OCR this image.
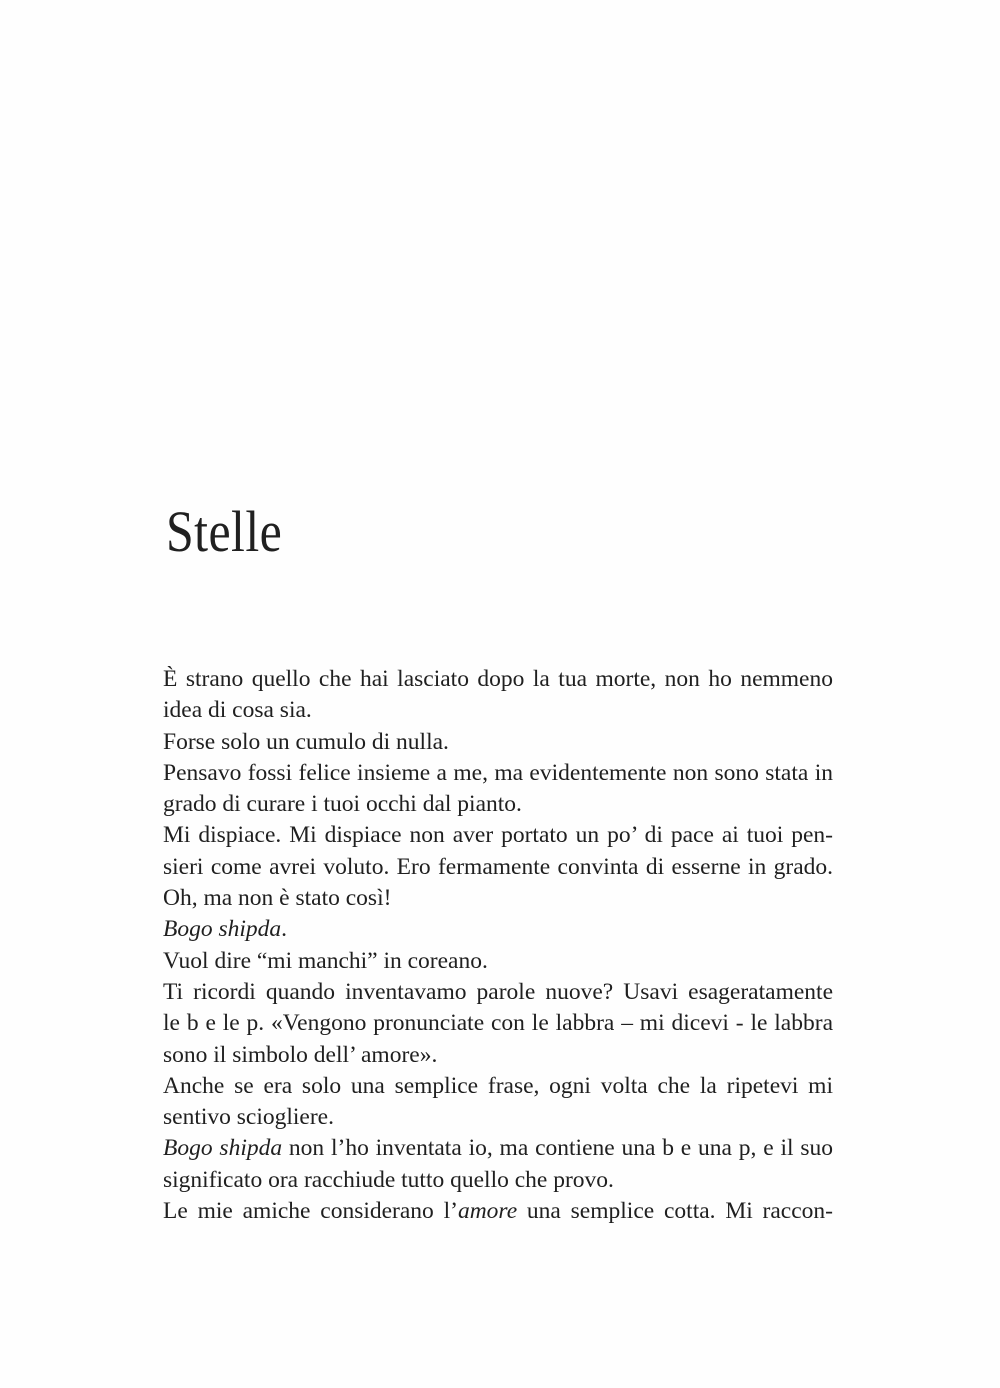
Stelle
È strano quello che hai lasciato dopo la tua morte, non ho nemmeno
idea di cosa sia.
Forse solo un cumulo di nulla.
Pensavo fossi felice insieme a me, ma evidentemente non sono stata in
grado di curare i tuoi occhi dal pianto.
Mi dispiace. Mi dispiace non aver portato un po’ di pace ai tuoi pen-
sieri come avrei voluto. Ero fermamente convinta di esserne in grado.
Oh, ma non è stato così!
Bogo shipda.
Vuol dire “mi manchi” in coreano.
Ti ricordi quando inventavamo parole nuove? Usavi esageratamente
le b e le p. «Vengono pronunciate con le labbra – mi dicevi - le labbra
sono il simbolo dell’ amore».
Anche se era solo una semplice frase, ogni volta che la ripetevi mi
sentivo sciogliere.
Bogo shipda non l’ho inventata io, ma contiene una b e una p, e il suo
significato ora racchiude tutto quello che provo.
Le mie amiche considerano l’amore una semplice cotta. Mi raccon-
